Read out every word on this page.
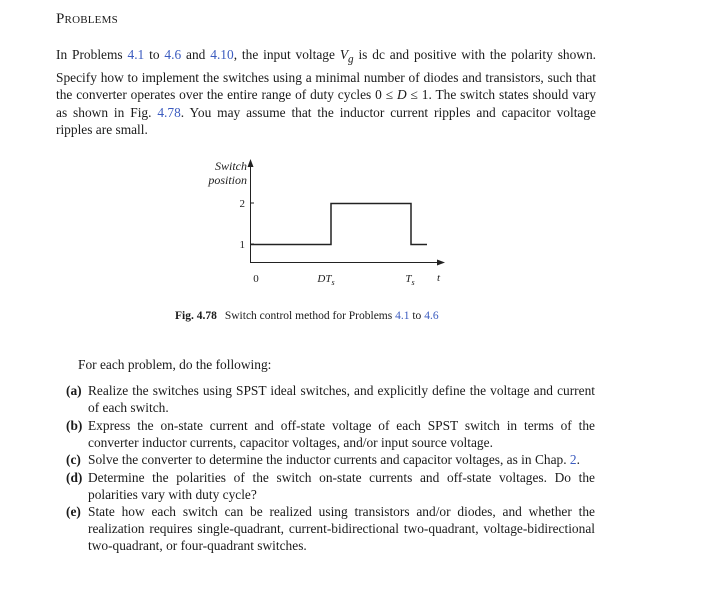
Problems

In Problems 4.1 to 4.6 and 4.10, the input voltage $V_g$ is dc and positive with the polarity shown. Specify how to implement the switches using a minimal number of diodes and transistors, such that the converter operates over the entire range of duty cycles 0 ≤ D ≤ 1. The switch states should vary as shown in Fig. 4.78. You may assume that the inductor current ripples and capacitor voltage ripples are small.

Switch
position
1
2
0	$DT_s$	$T_s$ t
Fig. 4.78 Switch control method for Problems 4.1 to 4.6
For each problem, do the following:
(a) Realize the switches using SPST ideal switches, and explicitly define the voltage and current of each switch.
(b) Express the on-state current and off-state voltage of each SPST switch in terms of the converter inductor currents, capacitor voltages, and/or input source voltage.
(c) Solve the converter to determine the inductor currents and capacitor voltages, as in Chap. 2.
(d) Determine the polarities of the switch on-state currents and off-state voltages. Do the polarities vary with duty cycle?
(e) State how each switch can be realized using transistors and/or diodes, and whether the realization requires single-quadrant, current-bidirectional two-quadrant, voltage-bidirectional two-quadrant, or four-quadrant switches.
